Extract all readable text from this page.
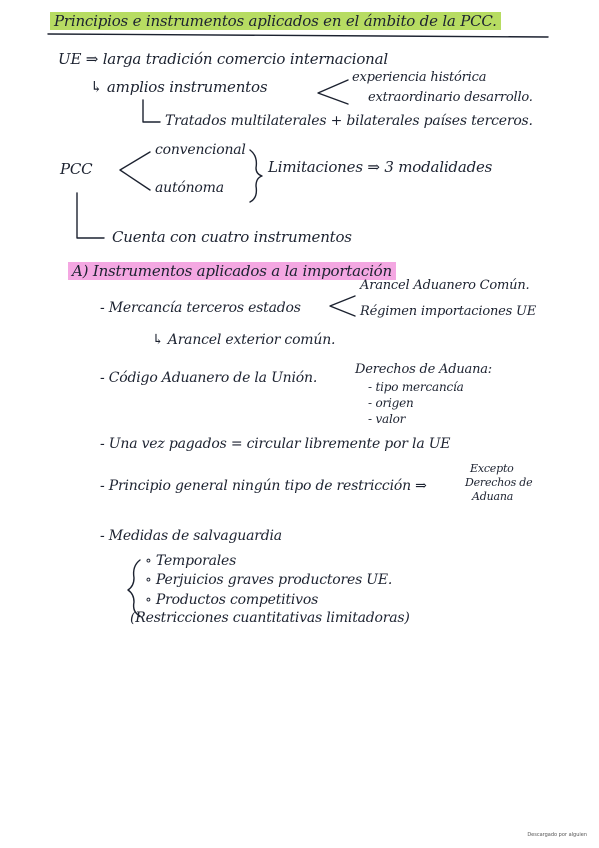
Principios e instrumentos aplicados en el ámbito de la PCC.
UE ⇒ larga tradición comercio internacional
↳ amplios instrumentos
experiencia histórica
extraordinario desarrollo.
Tratados multilaterales + bilaterales países terceros.
PCC
convencional
autónoma
Limitaciones ⇒ 3 modalidades
Cuenta con cuatro instrumentos
A) Instrumentos aplicados a la importación
Arancel Aduanero Común.
- Mercancía terceros estados	Régimen importaciones UE
↳ Arancel exterior común.
- Código Aduanero de la Unión.
Derechos de Aduana:
- tipo mercancía
- origen
- valor
- Una vez pagados = circular libremente por la UE
- Principio general ningún tipo de restricción ⇒
Excepto
Derechos de
Aduana
- Medidas de salvaguardia
∘ Temporales
∘ Perjuicios graves productores UE.
∘ Productos competitivos
(Restricciones cuantitativas limitadoras)
Descargado por alguien
